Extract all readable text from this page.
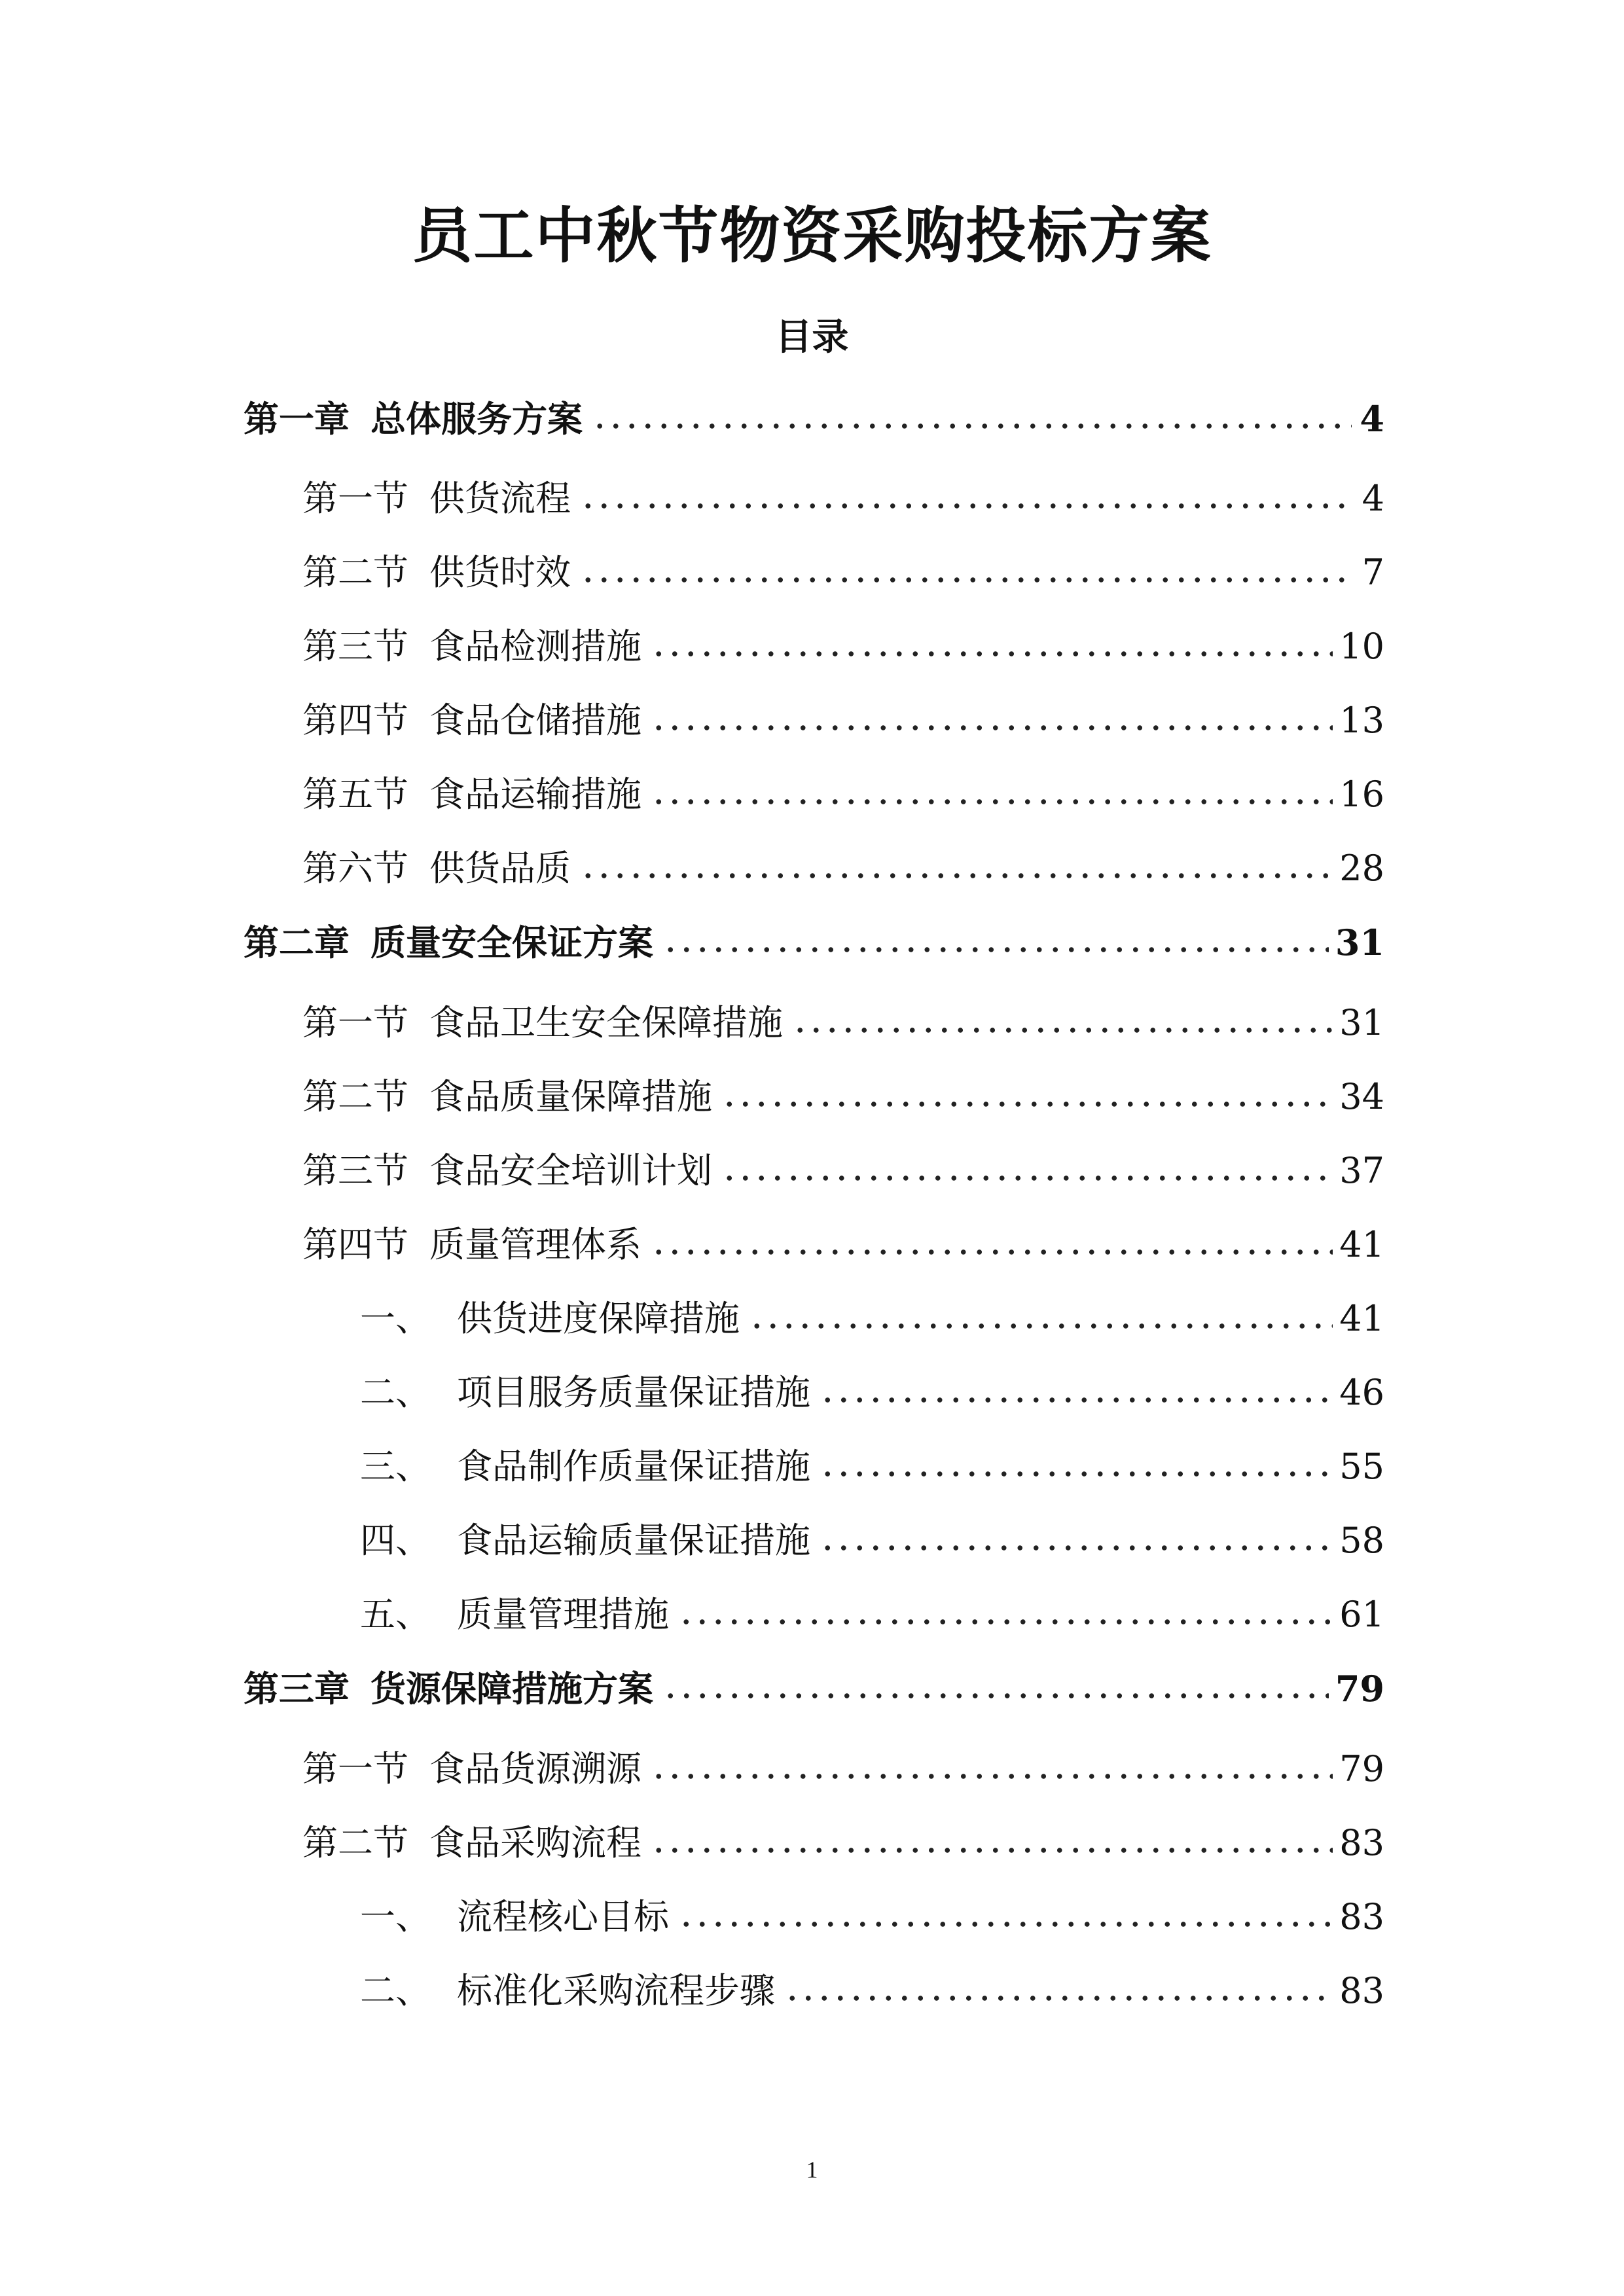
员工中秋节物资采购投标方案
目录
第一章 总体服务方案	4
第一节 供货流程	4
第二节 供货时效	7
第三节 食品检测措施	10
第四节 食品仓储措施	13
第五节 食品运输措施	16
第六节 供货品质	28
第二章 质量安全保证方案	31
第一节 食品卫生安全保障措施	31
第二节 食品质量保障措施	34
第三节 食品安全培训计划	37
第四节 质量管理体系	41
一、 供货进度保障措施	41
二、 项目服务质量保证措施	46
三、 食品制作质量保证措施	55
四、 食品运输质量保证措施	58
五、 质量管理措施	61
第三章 货源保障措施方案	79
第一节 食品货源溯源	79
第二节 食品采购流程	83
一、 流程核心目标	83
二、 标准化采购流程步骤	83
1
